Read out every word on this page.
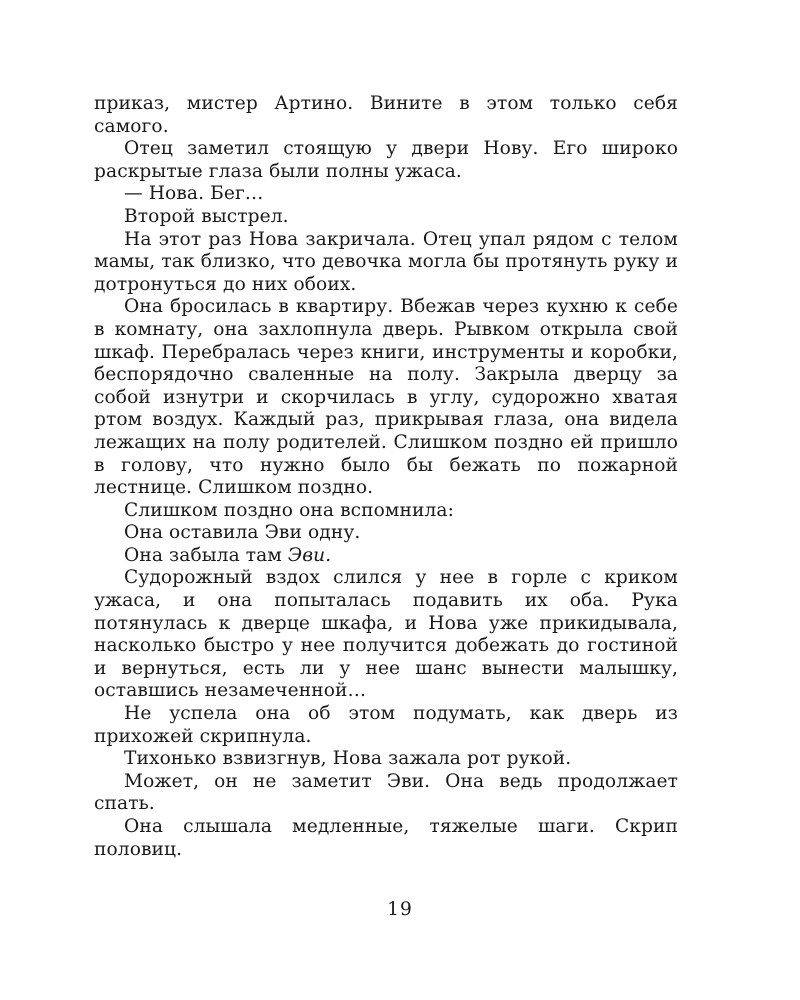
приказ, мистер Артино. Вините в этом только себя самого.

Отец заметил стоящую у двери Нову. Его широко раскрытые глаза были полны ужаса.

— Нова. Бег…

Второй выстрел.

На этот раз Нова закричала. Отец упал рядом с телом мамы, так близко, что девочка могла бы протянуть руку и дотронуться до них обоих.

Она бросилась в квартиру. Вбежав через кухню к себе в комнату, она захлопнула дверь. Рывком открыла свой шкаф. Перебралась через книги, инструменты и коробки, беспорядочно сваленные на полу. Закрыла дверцу за собой изнутри и скорчилась в углу, судорожно хватая ртом воздух. Каждый раз, прикрывая глаза, она видела лежащих на полу родителей. Слишком поздно ей пришло в голову, что нужно было бы бежать по пожарной лестнице. Слишком поздно.

Слишком поздно она вспомнила:

Она оставила Эви одну.

Она забыла там Эви.

Судорожный вздох слился у нее в горле с криком ужаса, и она попыталась подавить их оба. Рука потянулась к дверце шкафа, и Нова уже прикидывала, насколько быстро у нее получится добежать до гостиной и вернуться, есть ли у нее шанс вынести малышку, оставшись незамеченной…

Не успела она об этом подумать, как дверь из прихожей скрипнула.

Тихонько взвизгнув, Нова зажала рот рукой.

Может, он не заметит Эви. Она ведь продолжает спать.

Она слышала медленные, тяжелые шаги. Скрип половиц.

19
